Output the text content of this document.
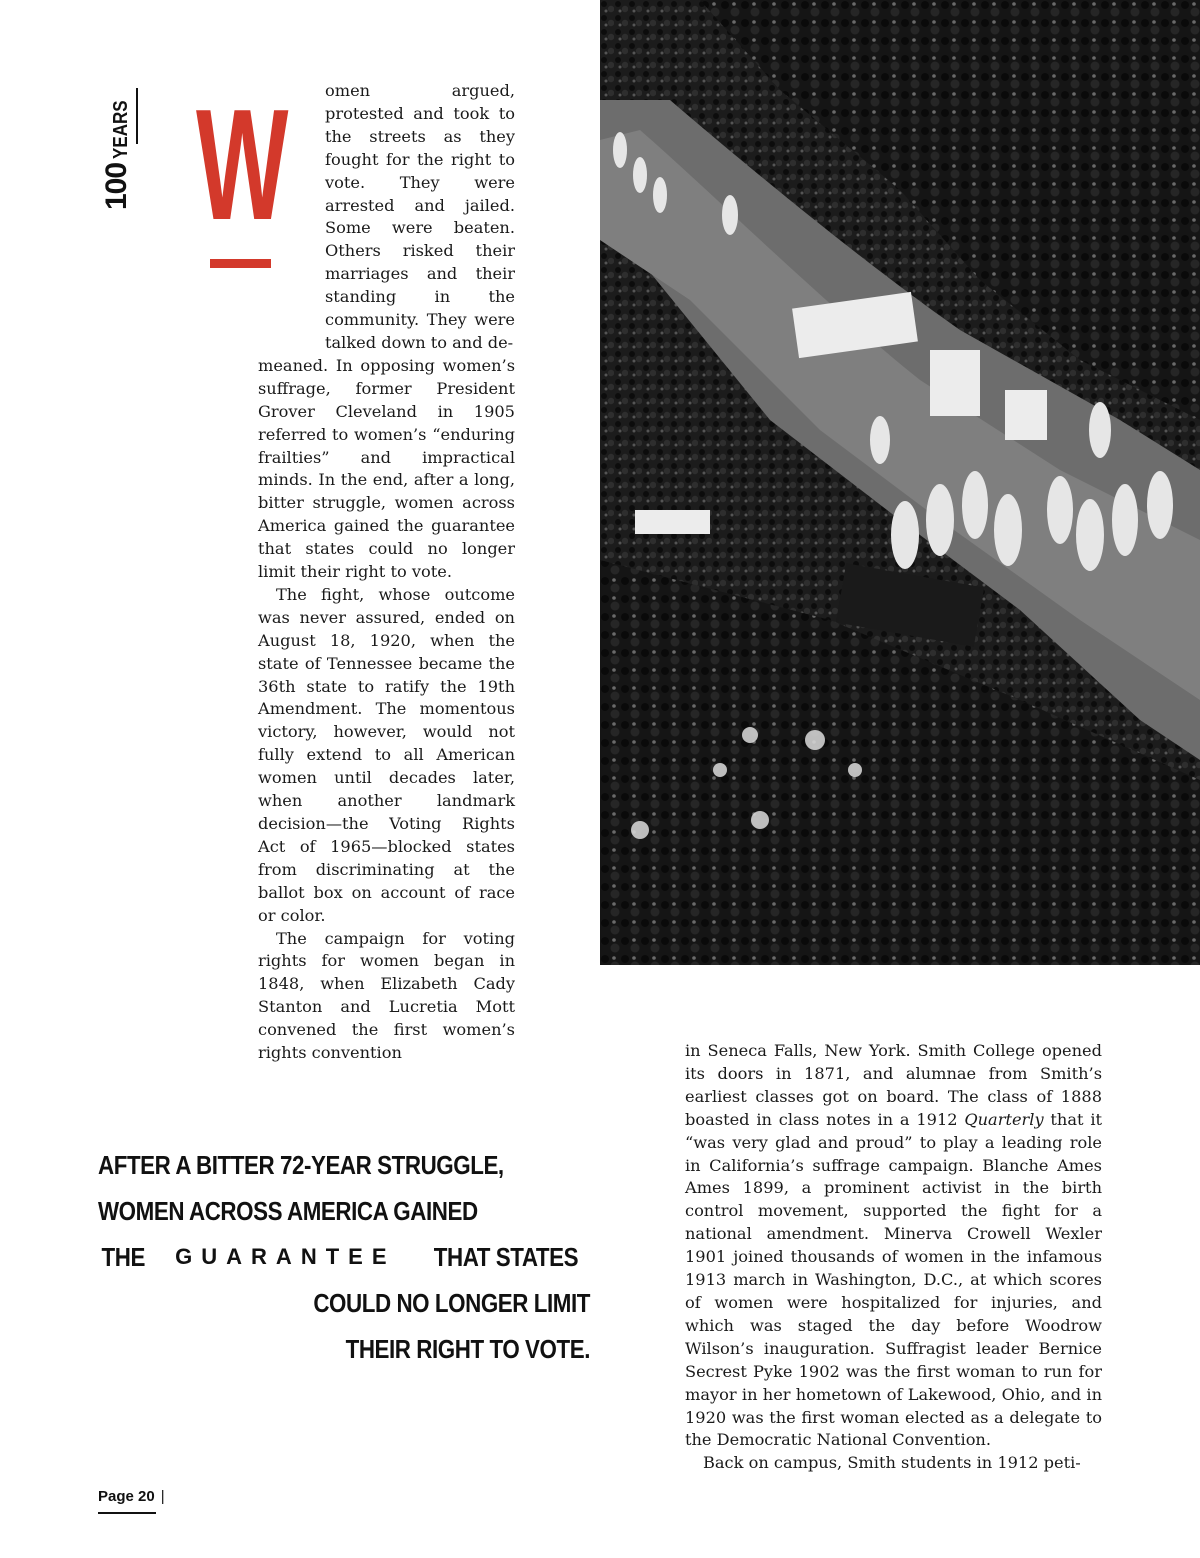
100
YEARS W omen argued, protested and took to the streets as they fought for the right to vote. They were arrested and jailed. Some were beaten. Others risked their marriages and their standing in the community. They were talked down to and de-

meaned. In opposing women’s suffrage, former President Grover Cleveland in 1905 referred to women’s “enduring frailties” and impractical minds. In the end, after a long, bitter struggle, women across America gained the guarantee that states could no longer limit their right to vote.

The fight, whose outcome was never assured, ended on August 18, 1920, when the state of Tennessee became the 36th state to ratify the 19th Amendment. The momentous victory, however, would not fully extend to all American women until decades later, when another landmark decision—the Voting Rights Act of 1965—blocked states from discriminating at the ballot box on account of race or color.

The campaign for voting rights for women began in 1848, when Elizabeth Cady Stanton and Lucretia Mott convened the first women’s rights convention

AFTER A BITTER 72-YEAR STRUGGLE,
WOMEN ACROSS AMERICA GAINED
THE GUARANTEE THAT STATES
COULD NO LONGER LIMIT
THEIR RIGHT TO VOTE.

in Seneca Falls, New York. Smith College opened its doors in 1871, and alumnae from Smith’s earliest classes got on board. The class of 1888 boasted in class notes in a 1912 Quarterly that it “was very glad and proud” to play a leading role in California’s suffrage campaign. Blanche Ames Ames 1899, a prominent activist in the birth control movement, supported the fight for a national amendment. Minerva Crowell Wexler 1901 joined thousands of women in the infamous 1913 march in Washington, D.C., at which scores of women were hospitalized for injuries, and which was staged the day before Woodrow Wilson’s inauguration. Suffragist leader Bernice Secrest Pyke 1902 was the first woman to run for mayor in her hometown of Lakewood, Ohio, and in 1920 was the first woman elected as a delegate to the Democratic National Convention.

Back on campus, Smith students in 1912 peti-

Page 20 |
